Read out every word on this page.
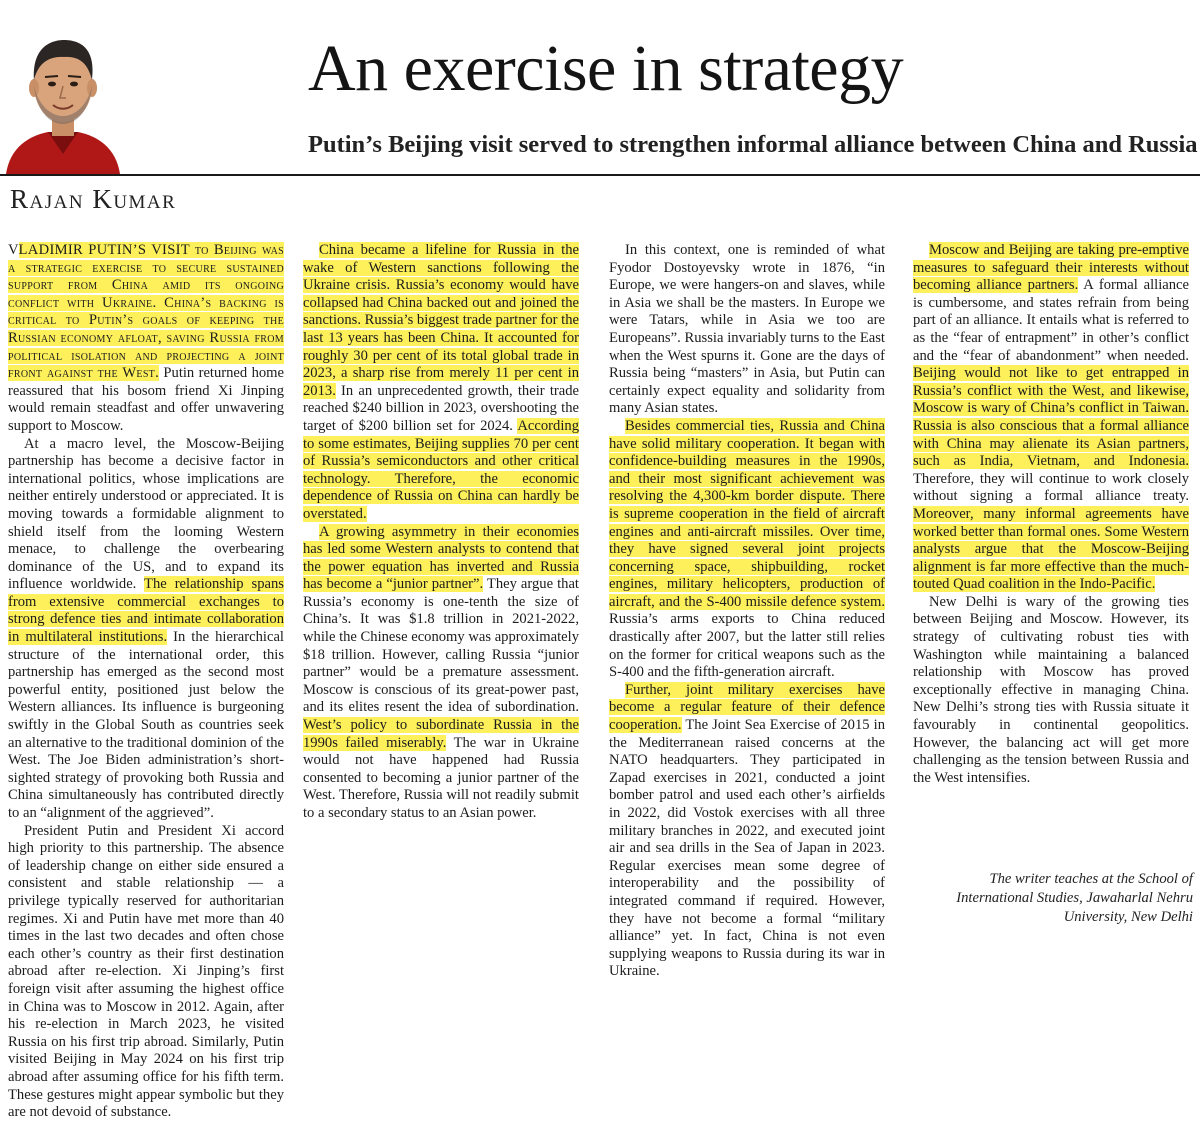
An exercise in strategy
Putin’s Beijing visit served to strengthen informal alliance between China and Russia
Rajan Kumar

VLADIMIR PUTIN’S VISIT to Beijing was a strategic exercise to secure sustained support from China amid its ongoing conflict with Ukraine. China’s backing is critical to Putin’s goals of keeping the Russian economy afloat, saving Russia from political isolation and projecting a joint front against the West. Putin returned home reassured that his bosom friend Xi Jinping would remain steadfast and offer unwavering support to Moscow.

At a macro level, the Moscow-Beijing partnership has become a decisive factor in international politics, whose implications are neither entirely understood or appreciated. It is moving towards a formidable alignment to shield itself from the looming Western menace, to challenge the overbearing dominance of the US, and to expand its influence worldwide. The relationship spans from extensive commercial exchanges to strong defence ties and intimate collaboration in multilateral institutions. In the hierarchical structure of the international order, this partnership has emerged as the second most powerful entity, positioned just below the Western alliances. Its influence is burgeoning swiftly in the Global South as countries seek an alternative to the traditional dominion of the West. The Joe Biden administration’s short-sighted strategy of provoking both Russia and China simultaneously has contributed directly to an “alignment of the aggrieved”.

President Putin and President Xi accord high priority to this partnership. The absence of leadership change on either side ensured a consistent and stable relationship — a privilege typically reserved for authoritarian regimes. Xi and Putin have met more than 40 times in the last two decades and often chose each other’s country as their first destination abroad after re-election. Xi Jinping’s first foreign visit after assuming the highest office in China was to Moscow in 2012. Again, after his re-election in March 2023, he visited Russia on his first trip abroad. Similarly, Putin visited Beijing in May 2024 on his first trip abroad after assuming office for his fifth term. These gestures might appear symbolic but they are not devoid of substance.

China became a lifeline for Russia in the wake of Western sanctions following the Ukraine crisis. Russia’s economy would have collapsed had China backed out and joined the sanctions. Russia’s biggest trade partner for the last 13 years has been China. It accounted for roughly 30 per cent of its total global trade in 2023, a sharp rise from merely 11 per cent in 2013. In an unprecedented growth, their trade reached $240 billion in 2023, overshooting the target of $200 billion set for 2024. According to some estimates, Beijing supplies 70 per cent of Russia’s semiconductors and other critical technology. Therefore, the economic dependence of Russia on China can hardly be overstated.

A growing asymmetry in their economies has led some Western analysts to contend that the power equation has inverted and Russia has become a “junior partner”. They argue that Russia’s economy is one-tenth the size of China’s. It was $1.8 trillion in 2021-2022, while the Chinese economy was approximately $18 trillion. However, calling Russia “junior partner” would be a premature assessment. Moscow is conscious of its great-power past, and its elites resent the idea of subordination. West’s policy to subordinate Russia in the 1990s failed miserably. The war in Ukraine would not have happened had Russia consented to becoming a junior partner of the West. Therefore, Russia will not readily submit to a secondary status to an Asian power.

In this context, one is reminded of what Fyodor Dostoyevsky wrote in 1876, “in Europe, we were hangers-on and slaves, while in Asia we shall be the masters. In Europe we were Tatars, while in Asia we too are Europeans”. Russia invariably turns to the East when the West spurns it. Gone are the days of Russia being “masters” in Asia, but Putin can certainly expect equality and solidarity from many Asian states.

Besides commercial ties, Russia and China have solid military cooperation. It began with confidence-building measures in the 1990s, and their most significant achievement was resolving the 4,300-km border dispute. There is supreme cooperation in the field of aircraft engines and anti-aircraft missiles. Over time, they have signed several joint projects concerning space, shipbuilding, rocket engines, military helicopters, production of aircraft, and the S-400 missile defence system. Russia’s arms exports to China reduced drastically after 2007, but the latter still relies on the former for critical weapons such as the S-400 and the fifth-generation aircraft.

Further, joint military exercises have become a regular feature of their defence cooperation. The Joint Sea Exercise of 2015 in the Mediterranean raised concerns at the NATO headquarters. They participated in Zapad exercises in 2021, conducted a joint bomber patrol and used each other’s airfields in 2022, did Vostok exercises with all three military branches in 2022, and executed joint air and sea drills in the Sea of Japan in 2023. Regular exercises mean some degree of interoperability and the possibility of integrated command if required. However, they have not become a formal “military alliance” yet. In fact, China is not even supplying weapons to Russia during its war in Ukraine.

Moscow and Beijing are taking pre-emptive measures to safeguard their interests without becoming alliance partners. A formal alliance is cumbersome, and states refrain from being part of an alliance. It entails what is referred to as the “fear of entrapment” in other’s conflict and the “fear of abandonment” when needed. Beijing would not like to get entrapped in Russia’s conflict with the West, and likewise, Moscow is wary of China’s conflict in Taiwan. Russia is also conscious that a formal alliance with China may alienate its Asian partners, such as India, Vietnam, and Indonesia. Therefore, they will continue to work closely without signing a formal alliance treaty. Moreover, many informal agreements have worked better than formal ones. Some Western analysts argue that the Moscow-Beijing alignment is far more effective than the much-touted Quad coalition in the Indo-Pacific.

New Delhi is wary of the growing ties between Beijing and Moscow. However, its strategy of cultivating robust ties with Washington while maintaining a balanced relationship with Moscow has proved exceptionally effective in managing China. New Delhi’s strong ties with Russia situate it favourably in continental geopolitics. However, the balancing act will get more challenging as the tension between Russia and the West intensifies.

The writer teaches at the School of International Studies, Jawaharlal Nehru University, New Delhi
